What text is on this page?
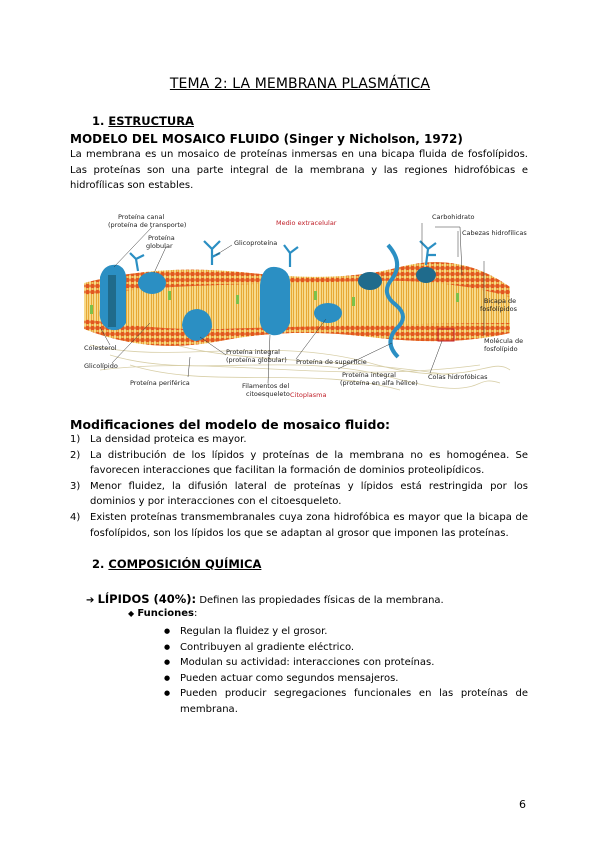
TEMA 2: LA MEMBRANA PLASMÁTICA
1. ESTRUCTURA
MODELO DEL MOSAICO FLUIDO (Singer y Nicholson, 1972)
La membrana es un mosaico de proteínas inmersas en una bicapa fluida de fosfolípidos. Las proteínas son una parte integral de la membrana y las regiones hidrofóbicas e hidrofílicas son estables.
Proteína canal
(proteína de transporte)
Proteína
globular	Glicoproteína
Medio extracelular
Carbohidrato
Cabezas hidrofílicas
Bicapa de
fosfolípidos
Molécula de
fosfolípido
Colesterol
Glicolípido
Proteína integral
(proteína globular) Proteína de superficie
Proteína integral
(proteína en alfa hélice)
Colas hidrofóbicas
Proteína periférica	Filamentos del
citoesqueleto Citoplasma
Modificaciones del modelo de mosaico fluido:
1) La densidad proteica es mayor.
2) La distribución de los lípidos y proteínas de la membrana no es homogénea. Se favorecen interacciones que facilitan la formación de dominios proteolipídicos.
3) Menor fluidez, la difusión lateral de proteínas y lípidos está restringida por los dominios y por interacciones con el citoesqueleto.
4) Existen proteínas transmembranales cuya zona hidrofóbica es mayor que la bicapa de fosfolípidos, son los lípidos los que se adaptan al grosor que imponen las proteínas.
2. COMPOSICIÓN QUÍMICA
➔ LÍPIDOS (40%): Definen las propiedades físicas de la membrana.
◆ Funciones:
● Regulan la fluidez y el grosor.
● Contribuyen al gradiente eléctrico.
● Modulan su actividad: interacciones con proteínas.
● Pueden actuar como segundos mensajeros.
● Pueden producir segregaciones funcionales en las proteínas de membrana.
6
